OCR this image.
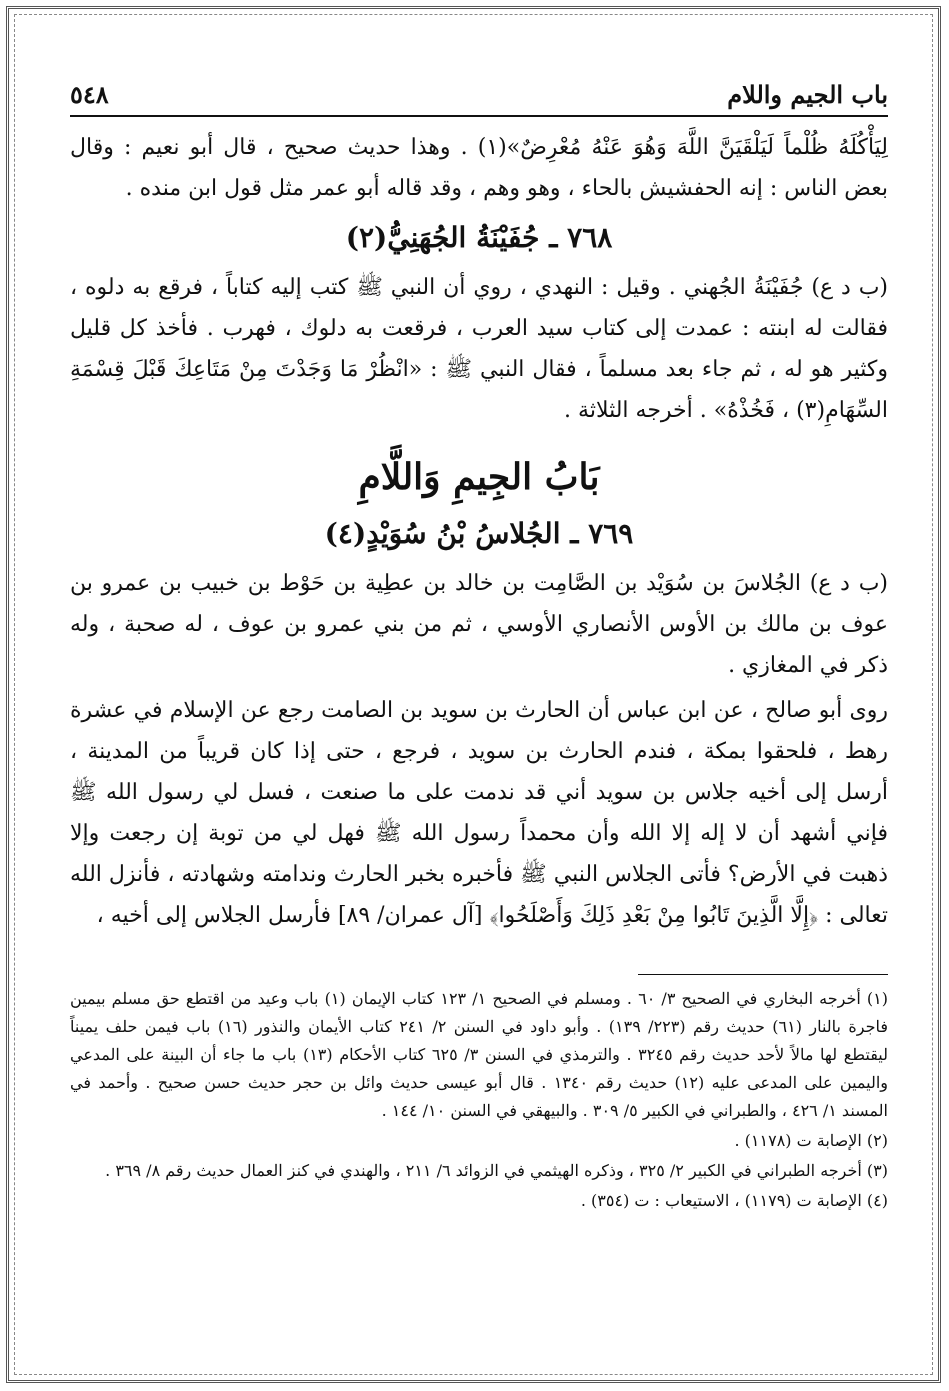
باب الجيم واللام
٥٤٨

لِيَأْكُلَهُ ظُلْماً لَيَلْقَيَنَّ اللَّهَ وَهُوَ عَنْهُ مُعْرِضٌ»(١) . وهذا حديث صحيح ، قال أبو نعيم : وقال بعض الناس : إنه الحفشيش بالحاء ، وهو وهم ، وقد قاله أبو عمر مثل قول ابن منده .

٧٦٨ ـ جُفَيْنَةُ الجُهَنِيُّ(٢)

(ب د ع) جُفَيْنَةُ الجُهني . وقيل : النهدي ، روي أن النبي ﷺ كتب إليه كتاباً ، فرقع به دلوه ، فقالت له ابنته : عمدت إلى كتاب سيد العرب ، فرقعت به دلوك ، فهرب . فأخذ كل قليل وكثير هو له ، ثم جاء بعد مسلماً ، فقال النبي ﷺ : «انْظُرْ مَا وَجَدْتَ مِنْ مَتَاعِكَ قَبْلَ قِسْمَةِ السِّهَامِ(٣) ، فَخُذْهُ» . أخرجه الثلاثة .

بَابُ الجِيمِ وَاللَّامِ
٧٦٩ ـ الجُلاسُ بْنُ سُوَيْدٍ(٤)

(ب د ع) الجُلاسَ بن سُوَيْد بن الصَّامِت بن خالد بن عطِية بن حَوْط بن خبيب بن عمرو بن عوف بن مالك بن الأوس الأنصاري الأوسي ، ثم من بني عمرو بن عوف ، له صحبة ، وله ذكر في المغازي .

روى أبو صالح ، عن ابن عباس أن الحارث بن سويد بن الصامت رجع عن الإسلام في عشرة رهط ، فلحقوا بمكة ، فندم الحارث بن سويد ، فرجع ، حتى إذا كان قريباً من المدينة ، أرسل إلى أخيه جلاس بن سويد أني قد ندمت على ما صنعت ، فسل لي رسول الله ﷺ فإني أشهد أن لا إله إلا الله وأن محمداً رسول الله ﷺ فهل لي من توبة إن رجعت وإلا ذهبت في الأرض؟ فأتى الجلاس النبي ﷺ فأخبره بخبر الحارث وندامته وشهادته ، فأنزل الله تعالى : ﴿إِلَّا الَّذِينَ تَابُوا مِنْ بَعْدِ ذَلِكَ وَأَصْلَحُوا﴾ [آل عمران/ ٨٩] فأرسل الجلاس إلى أخيه ،

(١) أخرجه البخاري في الصحيح ٣/ ٦٠ . ومسلم في الصحيح ١/ ١٢٣ كتاب الإيمان (١) باب وعيد من اقتطع حق مسلم بيمين فاجرة بالنار (٦١) حديث رقم (٢٢٣/ ١٣٩) . وأبو داود في السنن ٢/ ٢٤١ كتاب الأيمان والنذور (١٦) باب فيمن حلف يميناً ليقتطع لها مالاً لأحد حديث رقم ٣٢٤٥ . والترمذي في السنن ٣/ ٦٢٥ كتاب الأحكام (١٣) باب ما جاء أن البينة على المدعي واليمين على المدعى عليه (١٢) حديث رقم ١٣٤٠ . قال أبو عيسى حديث وائل بن حجر حديث حسن صحيح . وأحمد في المسند ١/ ٤٢٦ ، والطبراني في الكبير ٥/ ٣٠٩ . والبيهقي في السنن ١٠/ ١٤٤ .

(٢) الإصابة ت (١١٧٨) .

(٣) أخرجه الطبراني في الكبير ٢/ ٣٢٥ ، وذكره الهيثمي في الزوائد ٦/ ٢١١ ، والهندي في كنز العمال حديث رقم ٨/ ٣٦٩ .

(٤) الإصابة ت (١١٧٩) ، الاستيعاب : ت (٣٥٤) .
